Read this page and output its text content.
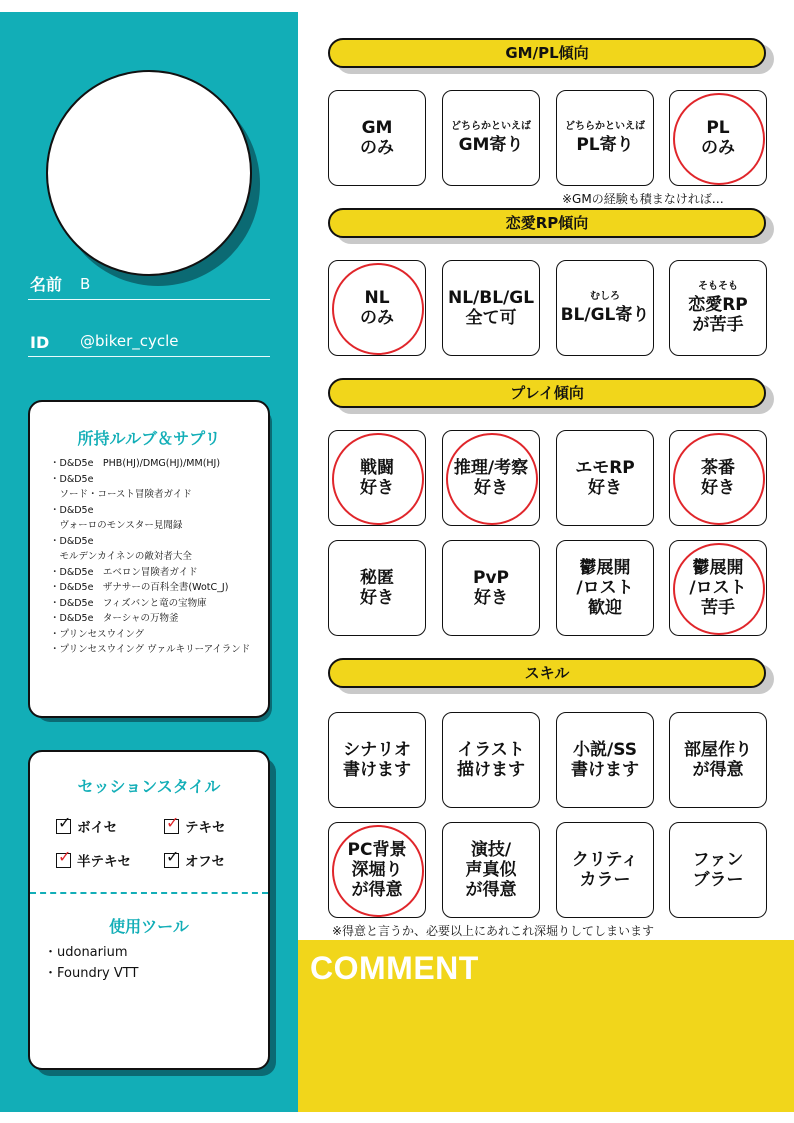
名前 B
ID @biker_cycle
所持ルルブ＆サプリ
・D&D5e　PHB(HJ)/DMG(HJ)/MM(HJ)
・D&D5e
　ソード・コースト冒険者ガイド
・D&D5e
　ヴォーロのモンスター見聞録
・D&D5e
　モルデンカイネンの敵対者大全
・D&D5e　エベロン冒険者ガイド
・D&D5e　ザナサーの百科全書(WotC_J)
・D&D5e　フィズバンと竜の宝物庫
・D&D5e　ターシャの万物釜
・プリンセスウイング
・プリンセスウイング ヴァルキリーアイランド
セッションスタイル
✓ ボイセ	✓ テキセ
✓ 半テキセ ✓ オフセ
使用ツール
・udonarium
・Foundry VTT
GM/PL傾向
GM
のみ
どちらかといえば
GM寄り
どちらかといえば
PL寄り
PL
のみ
※GMの経験も積まなければ…
恋愛RP傾向
NL
のみ
NL/BL/GL
全て可
むしろ
BL/GL寄り
そもそも
恋愛RP
が苦手
プレイ傾向
戦闘
好き
推理/考察
好き
エモRP
好き
茶番
好き
秘匿
好き
PvP
好き
鬱展開
/ロスト
歓迎
鬱展開
/ロスト
苦手
スキル
シナリオ
書けます
イラスト
描けます
小説/SS
書けます
部屋作り
が得意
PC背景
深堀り
が得意
演技/
声真似
が得意
クリティ
カラー
ファン
ブラー
※得意と言うか、必要以上にあれこれ深堀りしてしまいます
COMMENT
